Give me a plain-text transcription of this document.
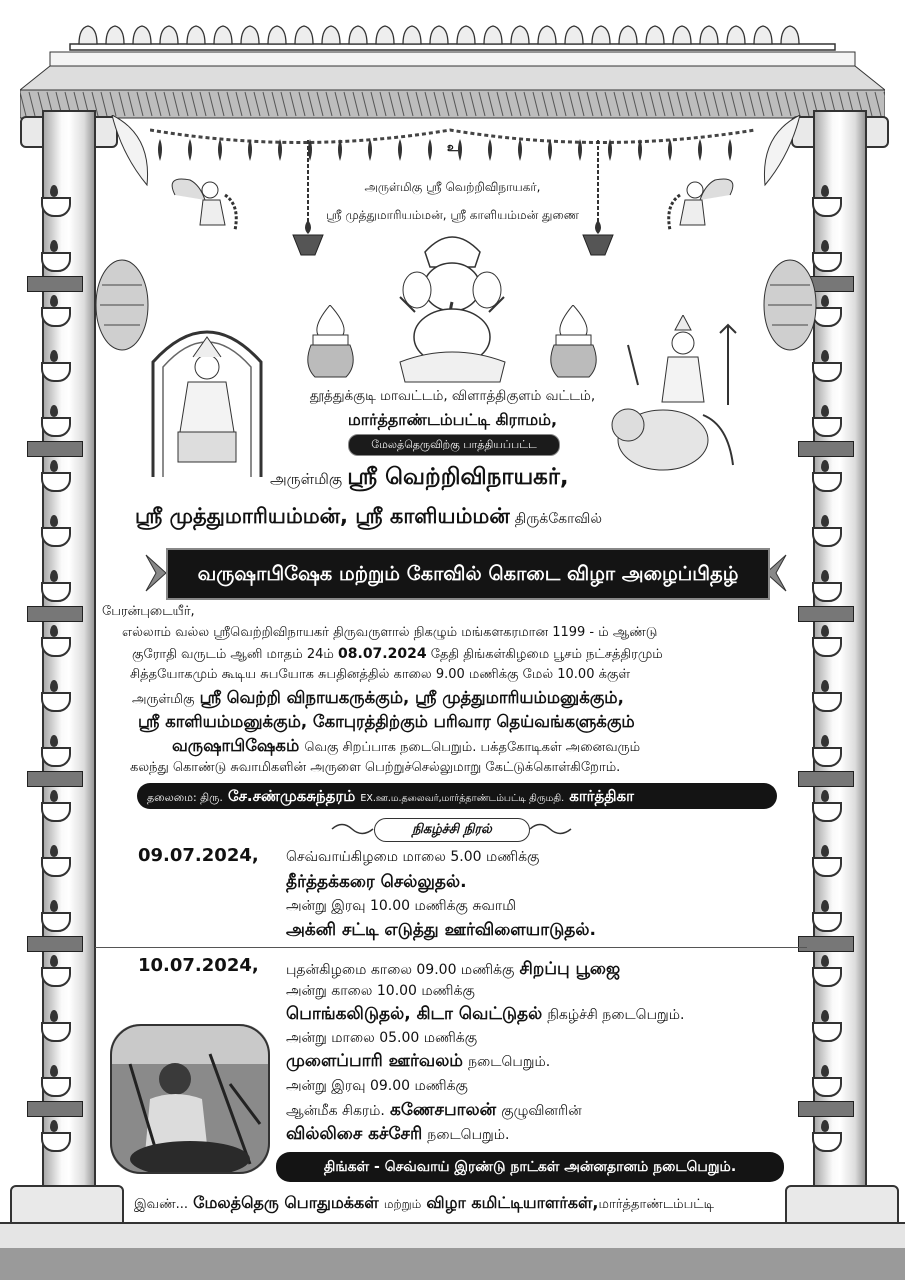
உ
அருள்மிகு ஸ்ரீ வெற்றிவிநாயகர்,
ஸ்ரீ முத்துமாரியம்மன், ஸ்ரீ காளியம்மன் துணை
தூத்துக்குடி மாவட்டம், விளாத்திகுளம் வட்டம்,
மார்த்தாண்டம்பட்டி கிராமம்,
மேலத்தெருவிற்கு பாத்தியப்பட்ட
அருள்மிகு ஸ்ரீ வெற்றிவிநாயகர்,
ஸ்ரீ முத்துமாரியம்மன், ஸ்ரீ காளியம்மன் திருக்கோவில்
வருஷாபிஷேக மற்றும் கோவில் கொடை விழா அழைப்பிதழ்
பேரன்புடையீர்,
எல்லாம் வல்ல ஸ்ரீவெற்றிவிநாயகர் திருவருளால் நிகழும் மங்களகரமான 1199 - ம் ஆண்டு
குரோதி வருடம் ஆனி மாதம் 24ம் 08.07.2024 தேதி திங்கள்கிழமை பூசம் நட்சத்திரமும்
சித்தயோகமும் கூடிய சுபயோக சுபதினத்தில் காலை 9.00 மணிக்கு மேல் 10.00 க்குள்
அருள்மிகு ஸ்ரீ வெற்றி விநாயகருக்கும், ஸ்ரீ முத்துமாரியம்மனுக்கும்,
ஸ்ரீ காளியம்மனுக்கும், கோபுரத்திற்கும் பரிவார தெய்வங்களுக்கும்
வருஷாபிஷேகம் வெகு சிறப்பாக நடைபெறும். பக்தகோடிகள் அனைவரும்
கலந்து கொண்டு சுவாமிகளின் அருளை பெற்றுச்செல்லுமாறு கேட்டுக்கொள்கிறோம்.
தலைமை: திரு. சே.சண்முகசுந்தரம் EX.ஊ.ம.தலைவர்,மார்த்தாண்டம்பட்டி திருமதி. கார்த்திகா
நிகழ்ச்சி நிரல்
09.07.2024, செவ்வாய்கிழமை மாலை 5.00 மணிக்கு
தீர்த்தக்கரை செல்லுதல்.
அன்று இரவு 10.00 மணிக்கு சுவாமி
அக்னி சட்டி எடுத்து ஊர்விளையாடுதல்.
10.07.2024, புதன்கிழமை காலை 09.00 மணிக்கு சிறப்பு பூஜை
அன்று காலை 10.00 மணிக்கு
பொங்கலிடுதல், கிடா வெட்டுதல் நிகழ்ச்சி நடைபெறும்.
அன்று மாலை 05.00 மணிக்கு
முளைப்பாரி ஊர்வலம் நடைபெறும்.
அன்று இரவு 09.00 மணிக்கு
ஆன்மீக சிகரம். கணேசபாலன் குழுவினரின்
வில்லிசை கச்சேரி நடைபெறும்.
திங்கள் - செவ்வாய் இரண்டு நாட்கள் அன்னதானம் நடைபெறும்.
இவண்... மேலத்தெரு பொதுமக்கள் மற்றும் விழா கமிட்டியாளர்கள்,மார்த்தாண்டம்பட்டி
